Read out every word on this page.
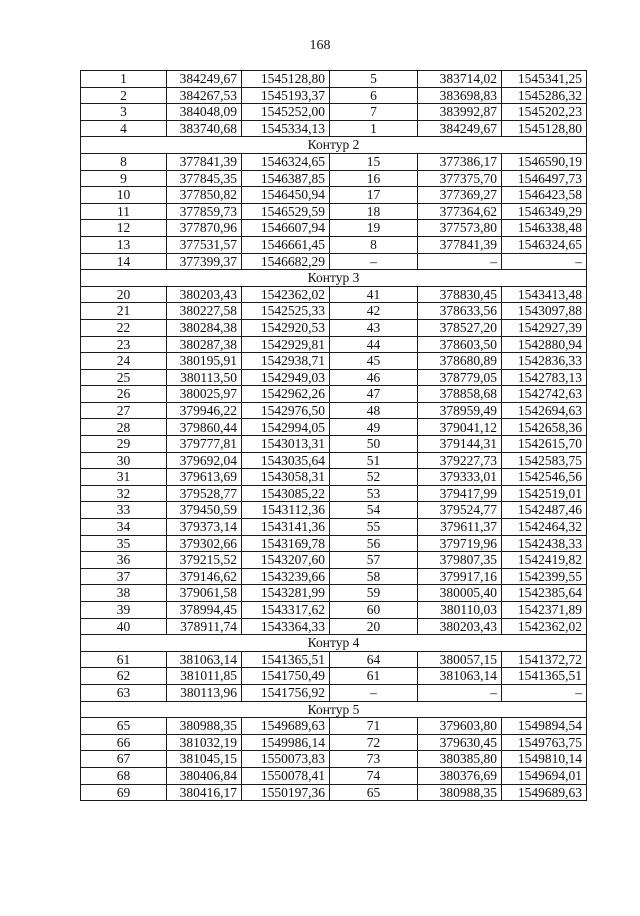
168
1	384249,67	1545128,80	5	383714,02	1545341,25
2	384267,53	1545193,37	6	383698,83	1545286,32
3	384048,09	1545252,00	7	383992,87	1545202,23
4	383740,68	1545334,13	1	384249,67	1545128,80
Контур 2					
8	377841,39	1546324,65	15	377386,17	1546590,19
9	377845,35	1546387,85	16	377375,70	1546497,73
10	377850,82	1546450,94	17	377369,27	1546423,58
11	377859,73	1546529,59	18	377364,62	1546349,29
12	377870,96	1546607,94	19	377573,80	1546338,48
13	377531,57	1546661,45	8	377841,39	1546324,65
14	377399,37	1546682,29	–	–	–
Контур 3					
20	380203,43	1542362,02	41	378830,45	1543413,48
21	380227,58	1542525,33	42	378633,56	1543097,88
22	380284,38	1542920,53	43	378527,20	1542927,39
23	380287,38	1542929,81	44	378603,50	1542880,94
24	380195,91	1542938,71	45	378680,89	1542836,33
25	380113,50	1542949,03	46	378779,05	1542783,13
26	380025,97	1542962,26	47	378858,68	1542742,63
27	379946,22	1542976,50	48	378959,49	1542694,63
28	379860,44	1542994,05	49	379041,12	1542658,36
29	379777,81	1543013,31	50	379144,31	1542615,70
30	379692,04	1543035,64	51	379227,73	1542583,75
31	379613,69	1543058,31	52	379333,01	1542546,56
32	379528,77	1543085,22	53	379417,99	1542519,01
33	379450,59	1543112,36	54	379524,77	1542487,46
34	379373,14	1543141,36	55	379611,37	1542464,32
35	379302,66	1543169,78	56	379719,96	1542438,33
36	379215,52	1543207,60	57	379807,35	1542419,82
37	379146,62	1543239,66	58	379917,16	1542399,55
38	379061,58	1543281,99	59	380005,40	1542385,64
39	378994,45	1543317,62	60	380110,03	1542371,89
40	378911,74	1543364,33	20	380203,43	1542362,02
Контур 4					
61	381063,14	1541365,51	64	380057,15	1541372,72
62	381011,85	1541750,49	61	381063,14	1541365,51
63	380113,96	1541756,92	–	–	–
Контур 5					
65	380988,35	1549689,63	71	379603,80	1549894,54
66	381032,19	1549986,14	72	379630,45	1549763,75
67	381045,15	1550073,83	73	380385,80	1549810,14
68	380406,84	1550078,41	74	380376,69	1549694,01
69	380416,17	1550197,36	65	380988,35	1549689,63
